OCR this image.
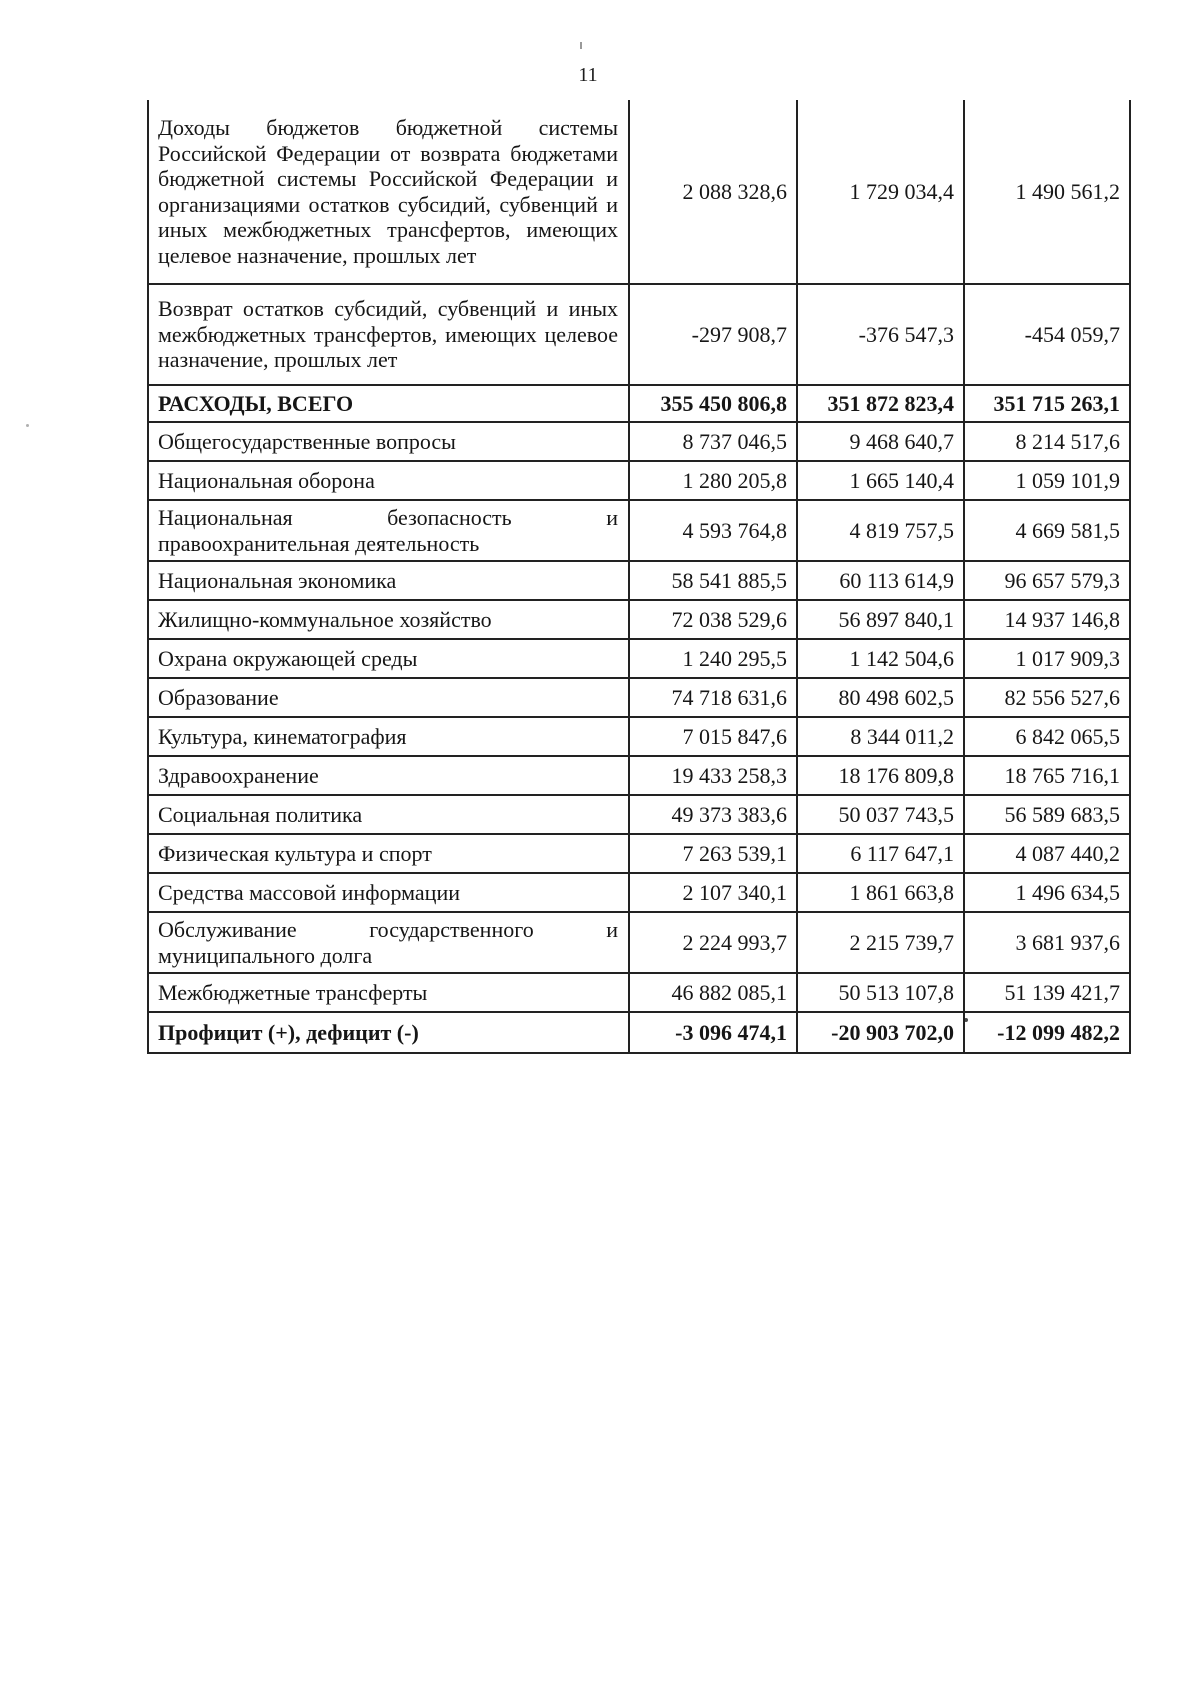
11
Доходы бюджетов бюджетной системы Российской Федерации от возврата бюджетами бюджетной системы Российской Федерации и организациями остатков субсидий, субвенций и иных межбюджетных трансфертов, имеющих целевое назначение, прошлых лет	2 088 328,6	1 729 034,4	1 490 561,2
Возврат остатков субсидий, субвенций и иных межбюджетных трансфертов, имеющих целевое назначение, прошлых лет	-297 908,7	-376 547,3	-454 059,7
РАСХОДЫ, ВСЕГО	355 450 806,8	351 872 823,4	351 715 263,1
Общегосударственные вопросы	8 737 046,5	9 468 640,7	8 214 517,6
Национальная оборона	1 280 205,8	1 665 140,4	1 059 101,9
Национальная безопасность и правоохранительная деятельность	4 593 764,8	4 819 757,5	4 669 581,5
Национальная экономика	58 541 885,5	60 113 614,9	96 657 579,3
Жилищно-коммунальное хозяйство	72 038 529,6	56 897 840,1	14 937 146,8
Охрана окружающей среды	1 240 295,5	1 142 504,6	1 017 909,3
Образование	74 718 631,6	80 498 602,5	82 556 527,6
Культура, кинематография	7 015 847,6	8 344 011,2	6 842 065,5
Здравоохранение	19 433 258,3	18 176 809,8	18 765 716,1
Социальная политика	49 373 383,6	50 037 743,5	56 589 683,5
Физическая культура и спорт	7 263 539,1	6 117 647,1	4 087 440,2
Средства массовой информации	2 107 340,1	1 861 663,8	1 496 634,5
Обслуживание государственного и муниципального долга	2 224 993,7	2 215 739,7	3 681 937,6
Межбюджетные трансферты	46 882 085,1	50 513 107,8	51 139 421,7
Профицит (+), дефицит (-)	-3 096 474,1	-20 903 702,0	-12 099 482,2
